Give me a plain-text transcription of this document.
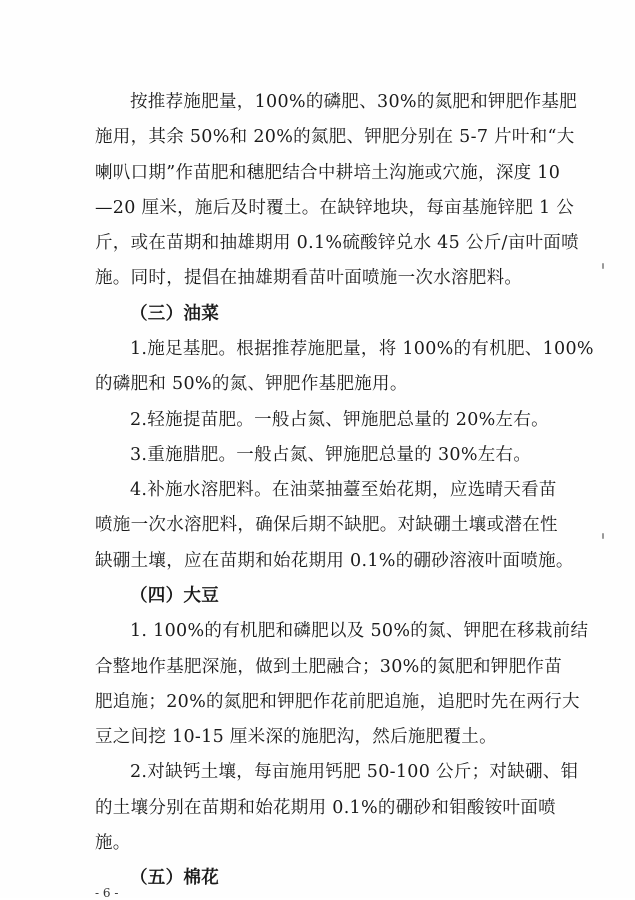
按推荐施肥量，100%的磷肥、30%的氮肥和钾肥作基肥
施用，其余 50%和 20%的氮肥、钾肥分别在 5-7 片叶和“大
喇叭口期”作苗肥和穗肥结合中耕培土沟施或穴施，深度 10
—20 厘米，施后及时覆土。在缺锌地块，每亩基施锌肥 1 公
斤，或在苗期和抽雄期用 0.1%硫酸锌兑水 45 公斤/亩叶面喷
施。同时，提倡在抽雄期看苗叶面喷施一次水溶肥料。
（三）油菜
1.施足基肥。根据推荐施肥量，将 100%的有机肥、100%
的磷肥和 50%的氮、钾肥作基肥施用。
2.轻施提苗肥。一般占氮、钾施肥总量的 20%左右。
3.重施腊肥。一般占氮、钾施肥总量的 30%左右。
4.补施水溶肥料。在油菜抽薹至始花期，应选晴天看苗
喷施一次水溶肥料，确保后期不缺肥。对缺硼土壤或潜在性
缺硼土壤，应在苗期和始花期用 0.1%的硼砂溶液叶面喷施。
（四）大豆
1. 100%的有机肥和磷肥以及 50%的氮、钾肥在移栽前结
合整地作基肥深施，做到土肥融合；30%的氮肥和钾肥作苗
肥追施；20%的氮肥和钾肥作花前肥追施，追肥时先在两行大
豆之间挖 10-15 厘米深的施肥沟，然后施肥覆土。
2.对缺钙土壤，每亩施用钙肥 50-100 公斤；对缺硼、钼
的土壤分别在苗期和始花期用 0.1%的硼砂和钼酸铵叶面喷
施。
（五）棉花
- 6 -
